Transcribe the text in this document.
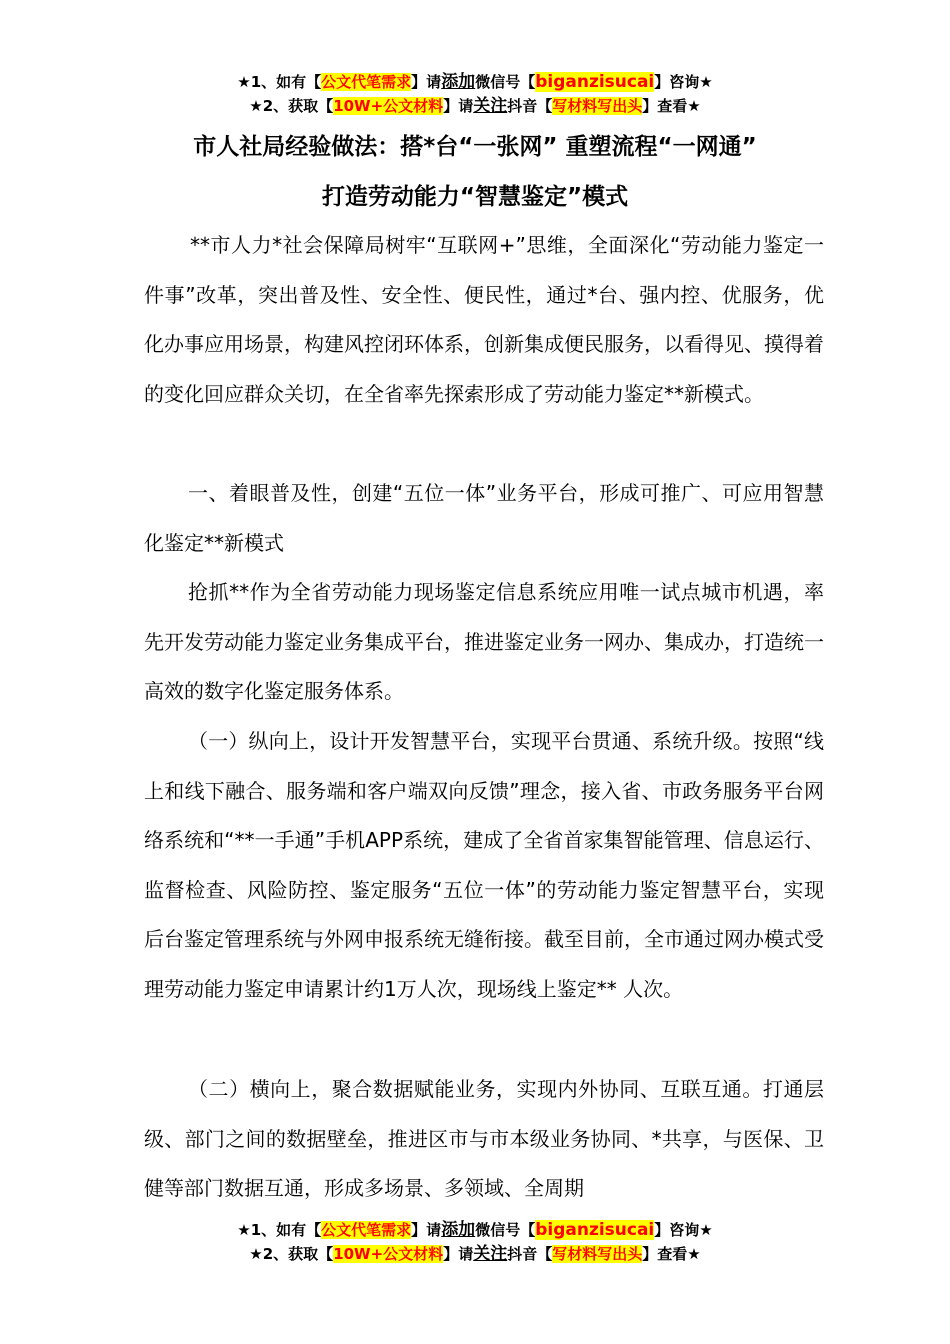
★1、如有【公文代笔需求】请添加微信号【biganzisucai】咨询★
★2、获取【10W+公文材料】请关注抖音【写材料写出头】查看★
市人社局经验做法：搭*台“一张网” 重塑流程“一网通”
打造劳动能力“智慧鉴定”模式

**市人力*社会保障局树牢“互联网+”思维，全面深化“劳动能力鉴定一件事”改革，突出普及性、安全性、便民性，通过*台、强内控、优服务，优化办事应用场景，构建风控闭环体系，创新集成便民服务，以看得见、摸得着的变化回应群众关切，在全省率先探索形成了劳动能力鉴定**新模式。

一、着眼普及性，创建“五位一体”业务平台，形成可推广、可应用智慧化鉴定**新模式

抢抓**作为全省劳动能力现场鉴定信息系统应用唯一试点城市机遇，率先开发劳动能力鉴定业务集成平台，推进鉴定业务一网办、集成办，打造统一高效的数字化鉴定服务体系。

（一）纵向上，设计开发智慧平台，实现平台贯通、系统升级。按照“线上和线下融合、服务端和客户端双向反馈”理念，接入省、市政务服务平台网络系统和“**一手通”手机APP系统，建成了全省首家集智能管理、信息运行、监督检查、风险防控、鉴定服务“五位一体”的劳动能力鉴定智慧平台，实现后台鉴定管理系统与外网申报系统无缝衔接。截至目前，全市通过网办模式受理劳动能力鉴定申请累计约1万人次，现场线上鉴定** 人次。

（二）横向上，聚合数据赋能业务，实现内外协同、互联互通。打通层级、部门之间的数据壁垒，推进区市与市本级业务协同、*共享，与医保、卫健等部门数据互通，形成多场景、多领域、全周期

★1、如有【公文代笔需求】请添加微信号【biganzisucai】咨询★
★2、获取【10W+公文材料】请关注抖音【写材料写出头】查看★
